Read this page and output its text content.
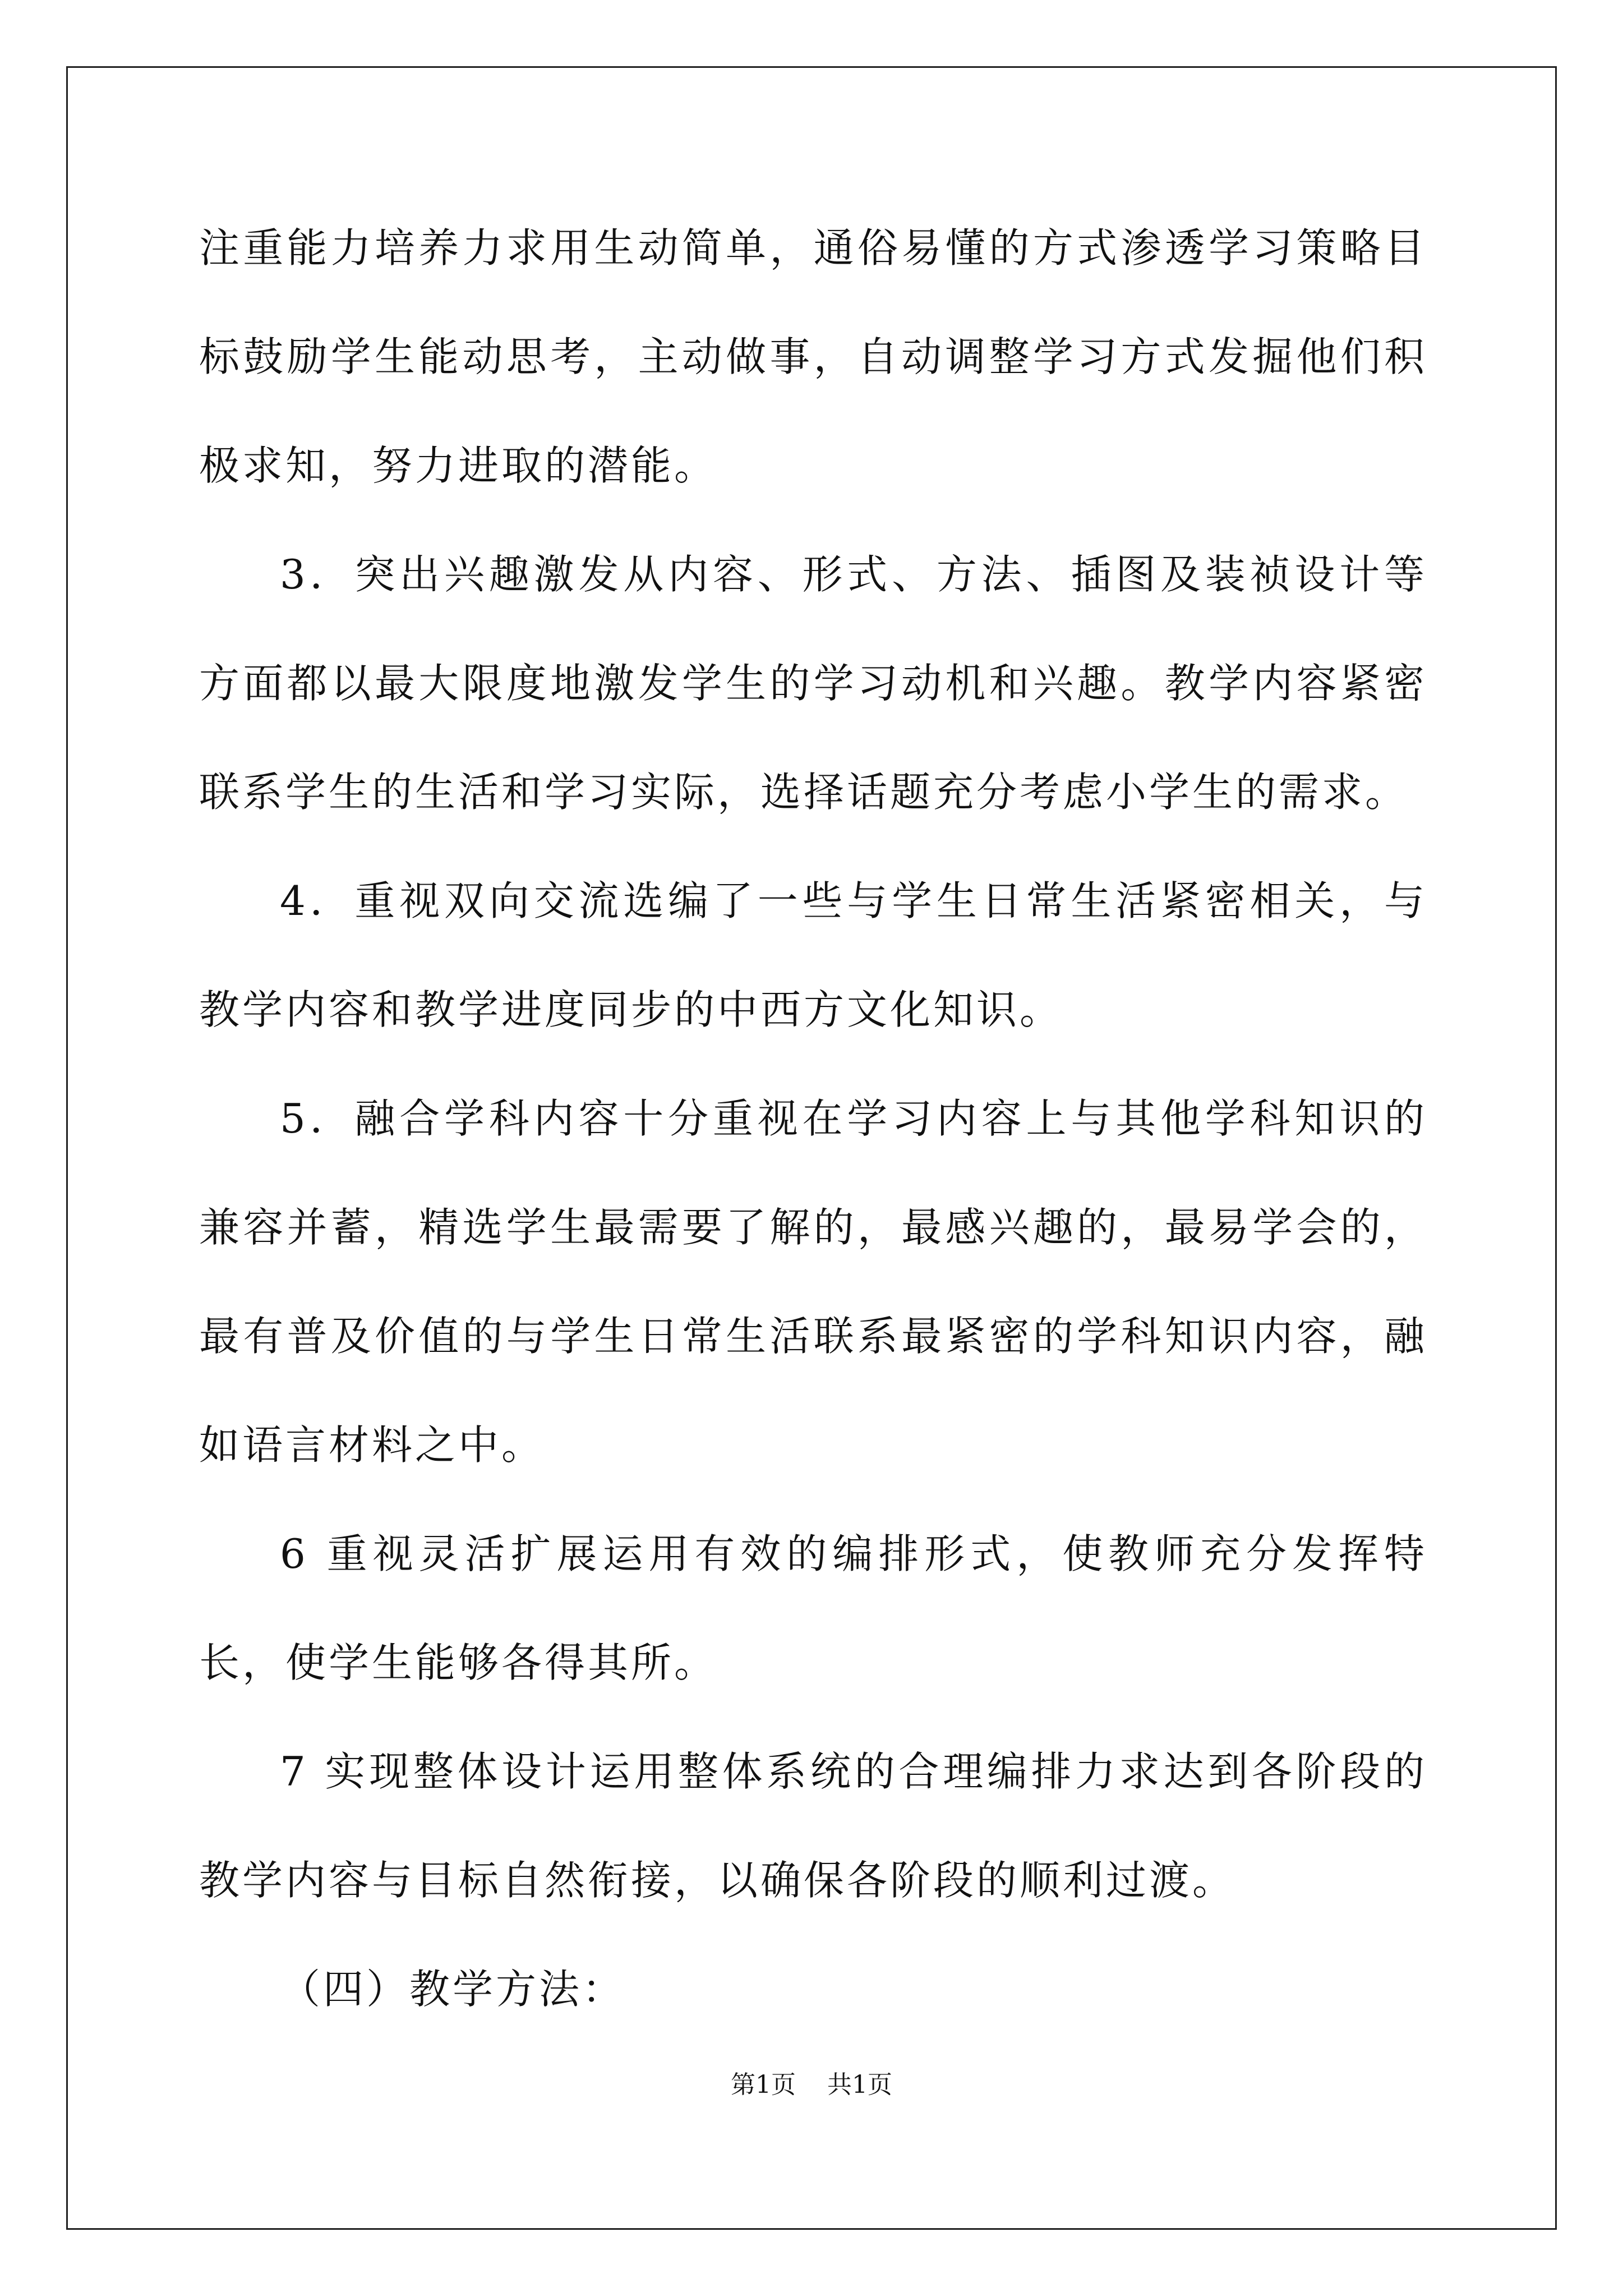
注重能力培养力求用生动简单，通俗易懂的方式渗透学习策略目标鼓励学生能动思考，主动做事，自动调整学习方式发掘他们积极求知，努力进取的潜能。

3．突出兴趣激发从内容、形式、方法、插图及装祯设计等方面都以最大限度地激发学生的学习动机和兴趣。教学内容紧密联系学生的生活和学习实际，选择话题充分考虑小学生的需求。

4．重视双向交流选编了一些与学生日常生活紧密相关，与教学内容和教学进度同步的中西方文化知识。

5．融合学科内容十分重视在学习内容上与其他学科知识的兼容并蓄，精选学生最需要了解的，最感兴趣的，最易学会的，最有普及价值的与学生日常生活联系最紧密的学科知识内容，融如语言材料之中。

6 重视灵活扩展运用有效的编排形式，使教师充分发挥特长，使学生能够各得其所。

7 实现整体设计运用整体系统的合理编排力求达到各阶段的教学内容与目标自然衔接，以确保各阶段的顺利过渡。

（四）教学方法：

第1页 共1页
